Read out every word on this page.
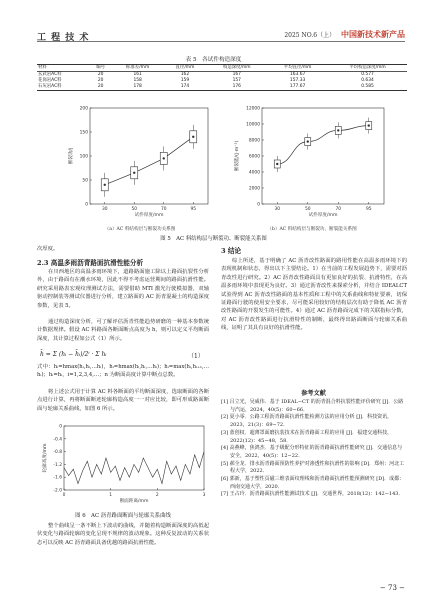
工 程 技 术	2025 NO.6（上） 中国新技术新产品
表 5　各试件构造深度
材料	编号	标准差/mm	直径/mm	构造深度/mm	平均直径/mm	平均构造深度/mm
玄武岩AC料	20	161	162	167	163.67	0.577
花岗岩AC料	20	158	159	157	157.33	0.634
石灰岩AC料	20	178	174	176	177.67	0.585
0
50
100
150
200
30	50	70	95
试件厚度/mm
断裂功/J
0
2000
4000
6000
8000
10000
12000
30	50	70	95
试件厚度/mm
断裂能/(J·m⁻²)
（a）AC 料结构层与断裂功关系图	（b）AC 料结构层与断裂功、断裂能关系图
图 5　AC 料结构层与断裂功、断裂能关系图
次厚度。
2.3 高温多雨沥青路面抗滑性能分析
在川西地区的高温多雨环境下，道路路面施工除以上路面抗裂性分析外，由于路面有在潮水环境，因此不得不考虑运营期间的路面抗滑性能。研究采用路表宏观纹理测试方法，需要借助 MTI 激光行驶模拟器，双轴驱动控制装等测试仪器进行分析，建立路面的 AC 沥青混凝土的构造深度参数，见表 5。
通过构造深度分析，可了解评估沥青性能趋势研磨的一种基本参数统计数据规律。假设 AC 料路面各断面断点高度为 h，则可以定义平均断面深度，其计算过程如公式（1）所示。
h̄ = Σ (hᵢ − h̄ᵢ)/2ⁱ · Σ hᵢ	（1）
式中：hᵢ=hmax(hᵢ,hᵢ,…hᵢ)，hᵢ=hmax(hᵢ,hᵢ,…hᵢ)；hᵢ=max(hᵢ,hᵢ₊₁,…hᵢ)；hᵢ=hᵢ，i=1,2,3,4,…；n 为断面高度计算中断点总数。
将上述公式用于计算 AC 料各断面的平均断面深度，选取断面的各断点进行计算，再将断面断迹轮廓构造高度一一对应比较，即可形成路面断面与轮廓关系曲线，如图 6 所示。
0
-0.4
-0.8
-1.2
-1.6
-2.0
0	1	2	3
断面距离/mm
轮廓高度/mm
图 6　AC 沥青路面断面与轮廓关系曲线
整个曲线呈一条不断上下波动的曲线，并随着构造断面深度的高低起伏变化与路面轮廓的变化呈现不规律的波动现象。这种反复波动的关系状态可以反映 AC 沥青路面具备优越的路面抗滑性能。
3 结论
综上所述，基于明确了 AC 沥青改性路面的路用性能在高温多雨环境下的表现机制和状态，得出以下主要结论。1）在当前的工程发展趋势下，需要对沥青改性进行研究。2）AC 沥青改性路面具有更加良好的抗裂、抗滑特性，在高温多雨环境中表现更为良好。3）通过沥青改性来探索分析，并结合 IDEALCT 试验得到 AC 沥青改性路面的基本性质和工程中的关系曲线和特征要素，切保证路面行驶的使用安全要求，尽可能采用较好的结构层次有助于降低 AC 沥青改性路面的开裂发生的可能性。4）通过 AC 沥青路面完成下的关联指标分数，对 AC 沥青改性路面进行抗滑特性的制断，最终得出路面断面与轮廓关系曲线，证明了其具有良好的抗滑性能。
参考文献
[1] 吕立光，吴威伟．基于 IDEAL−CT 的沥青混合料抗裂性能评价研究 [J]．公路与汽运，2024，40(5)：60−66．
[2] 夏小零．公路工程沥青路面抗滑性能检测方法的应用分析 [J]．科技资讯，2023，21(3)：69−72．
[3] 蓝创权．超薄罩面磨抗装技术在沥青路面工程的应用 [J]．福建交通科技，2022(12)：45−48，58．
[4] 高燕峰，焦鸿杰．基于级配分形特征的沥青路面抗滑性能研究 [J]．交通信息与安全，2022，40(5)：12−22．
[5] 郝全龙．排水沥青路面预防性养护对渗透性和抗滑性的影响 [D]．郑州：河北工程大学，2022．
[6] 郭新，基于塑性页磁三维表面纹理线和沥青路面抗滑性能预测研究 [D]．成都：西南交通大学，2020．
[7] 王占玲．沥青路面抗滑性能测试技术 [J]．交通世界，2018(12)：142−143．
− 73 −
